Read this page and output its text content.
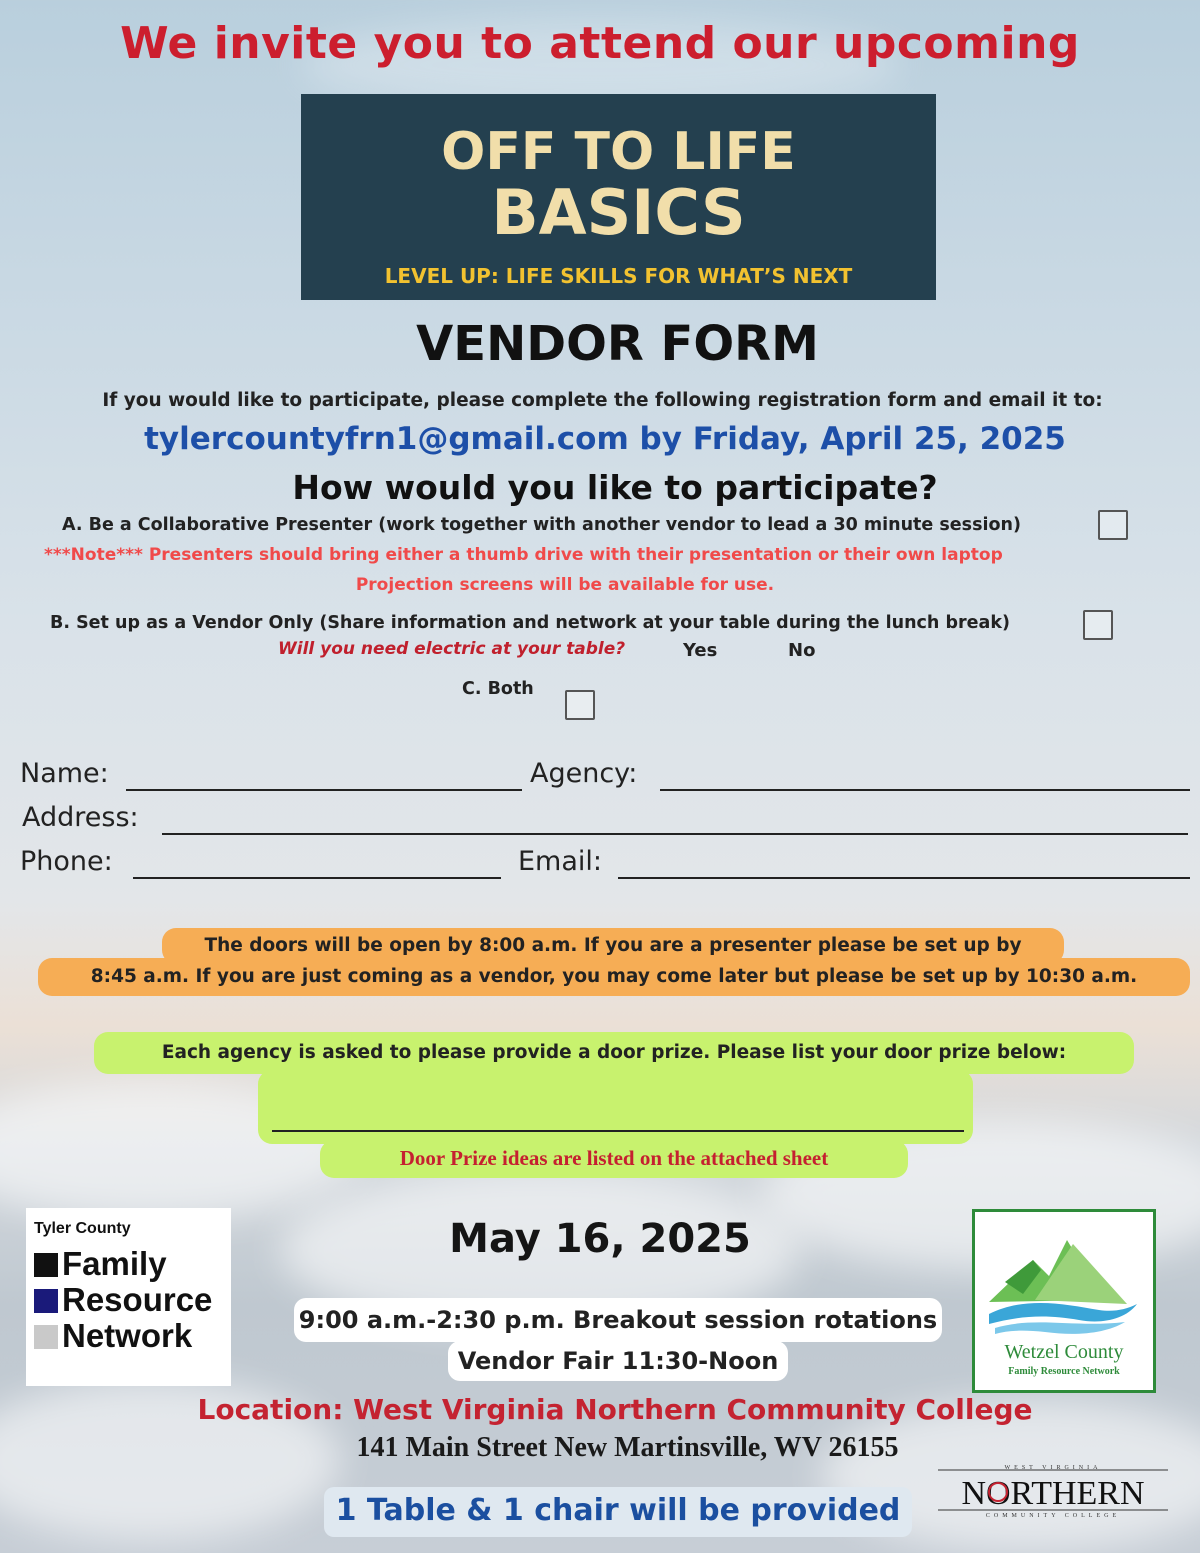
We invite you to attend our upcoming
OFF TO LIFE
BASICS
LEVEL UP: LIFE SKILLS FOR WHAT’S NEXT
VENDOR FORM
If you would like to participate, please complete the following registration form and email it to:
tylercountyfrn1@gmail.com by Friday, April 25, 2025
How would you like to participate?
A. Be a Collaborative Presenter (work together with another vendor to lead a 30 minute session)
***Note*** Presenters should bring either a thumb drive with their presentation or their own laptop
Projection screens will be available for use.
B. Set up as a Vendor Only (Share information and network at your table during the lunch break)
Will you need electric at your table?	Yes	No
C. Both
Name:	Agency:
Address:
Phone:	Email:
The doors will be open by 8:00 a.m. If you are a presenter please be set up by
8:45 a.m. If you are just coming as a vendor, you may come later but please be set up by 10:30 a.m.
Each agency is asked to please provide a door prize. Please list your door prize below:
Door Prize ideas are listed on the attached sheet
Tyler County
Family
Resource
Network
May 16, 2025
9:00 a.m.-2:30 p.m. Breakout session rotations
Vendor Fair 11:30-Noon	Wetzel County
Family Resource Network
Location: West Virginia Northern Community College
141 Main Street New Martinsville, WV 26155
1 Table & 1 chair will be provided
WEST VIRGINIA
NORTHERN
COMMUNITY COLLEGE
